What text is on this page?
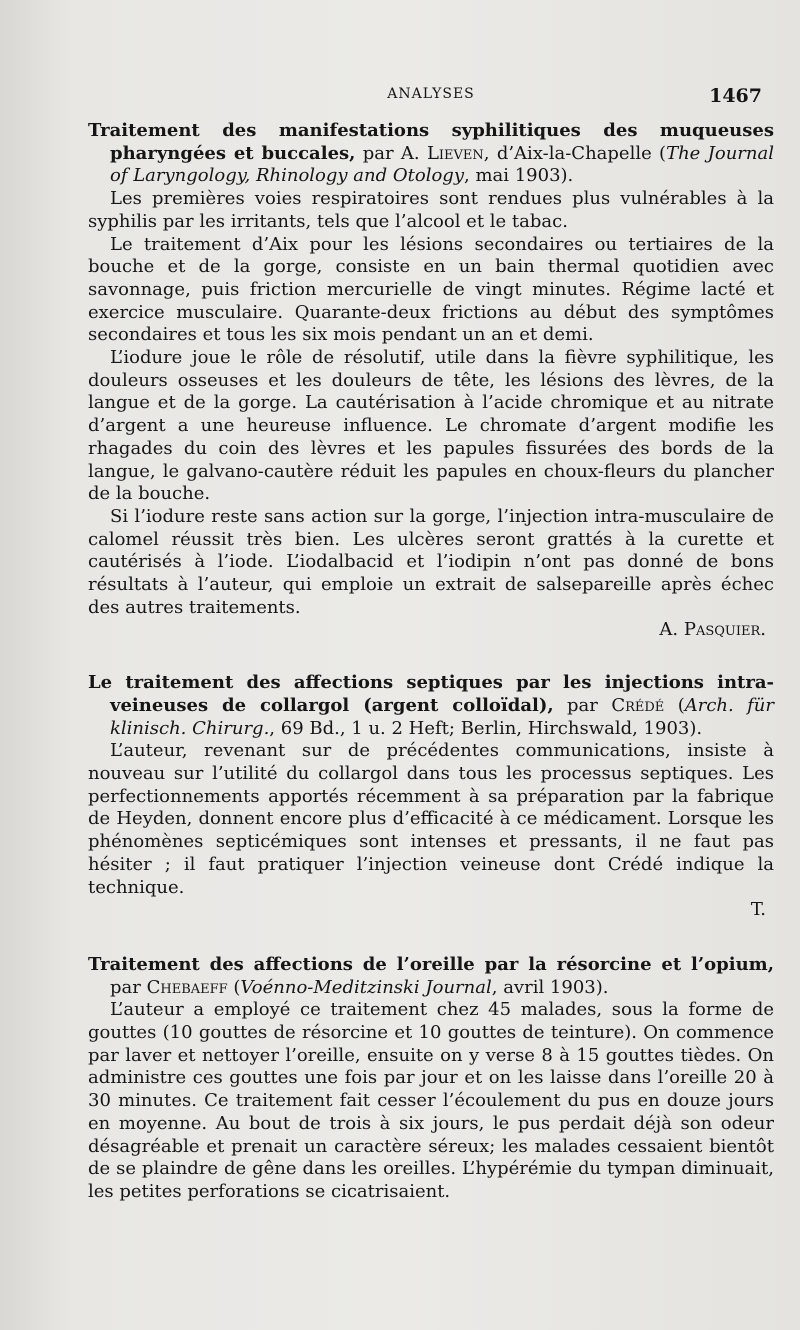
ANALYSES	1467

Traitement des manifestations syphilitiques des muqueuses pharyngées et buccales, par A. Lieven, d’Aix-la-Chapelle (The Journal of Laryngology, Rhinology and Otology, mai 1903).

Les premières voies respiratoires sont rendues plus vulnérables à la syphilis par les irritants, tels que l’alcool et le tabac.

Le traitement d’Aix pour les lésions secondaires ou tertiaires de la bouche et de la gorge, consiste en un bain thermal quotidien avec savonnage, puis friction mercurielle de vingt minutes. Régime lacté et exercice musculaire. Quarante-deux frictions au début des symptômes secondaires et tous les six mois pendant un an et demi.

L’iodure joue le rôle de résolutif, utile dans la fièvre syphilitique, les douleurs osseuses et les douleurs de tête, les lésions des lèvres, de la langue et de la gorge. La cautérisation à l’acide chromique et au nitrate d’argent a une heureuse influence. Le chromate d’argent modifie les rhagades du coin des lèvres et les papules fissurées des bords de la langue, le galvano-cautère réduit les papules en choux-fleurs du plancher de la bouche.

Si l’iodure reste sans action sur la gorge, l’injection intra-musculaire de calomel réussit très bien. Les ulcères seront grattés à la curette et cautérisés à l’iode. L’iodalbacid et l’iodipin n’ont pas donné de bons résultats à l’auteur, qui emploie un extrait de salsepareille après échec des autres traitements.

A. Pasquier.

Le traitement des affections septiques par les injections intra-veineuses de collargol (argent colloïdal), par Crédé (Arch. für klinisch. Chirurg., 69 Bd., 1 u. 2 Heft; Berlin, Hirchswald, 1903).

L’auteur, revenant sur de précédentes communications, insiste à nouveau sur l’utilité du collargol dans tous les processus septiques. Les perfectionnements apportés récemment à sa préparation par la fabrique de Heyden, donnent encore plus d’efficacité à ce médicament. Lorsque les phénomènes septicémiques sont intenses et pressants, il ne faut pas hésiter ; il faut pratiquer l’injection veineuse dont Crédé indique la technique.

T.

Traitement des affections de l’oreille par la résorcine et l’opium, par Chebaeff (Voénno-Meditzinski Journal, avril 1903).

L’auteur a employé ce traitement chez 45 malades, sous la forme de gouttes (10 gouttes de résorcine et 10 gouttes de teinture). On commence par laver et nettoyer l’oreille, ensuite on y verse 8 à 15 gouttes tièdes. On administre ces gouttes une fois par jour et on les laisse dans l’oreille 20 à 30 minutes. Ce traitement fait cesser l’écoulement du pus en douze jours en moyenne. Au bout de trois à six jours, le pus perdait déjà son odeur désagréable et prenait un caractère séreux; les malades cessaient bientôt de se plaindre de gêne dans les oreilles. L’hypérémie du tympan diminuait, les petites perforations se cicatrisaient.
